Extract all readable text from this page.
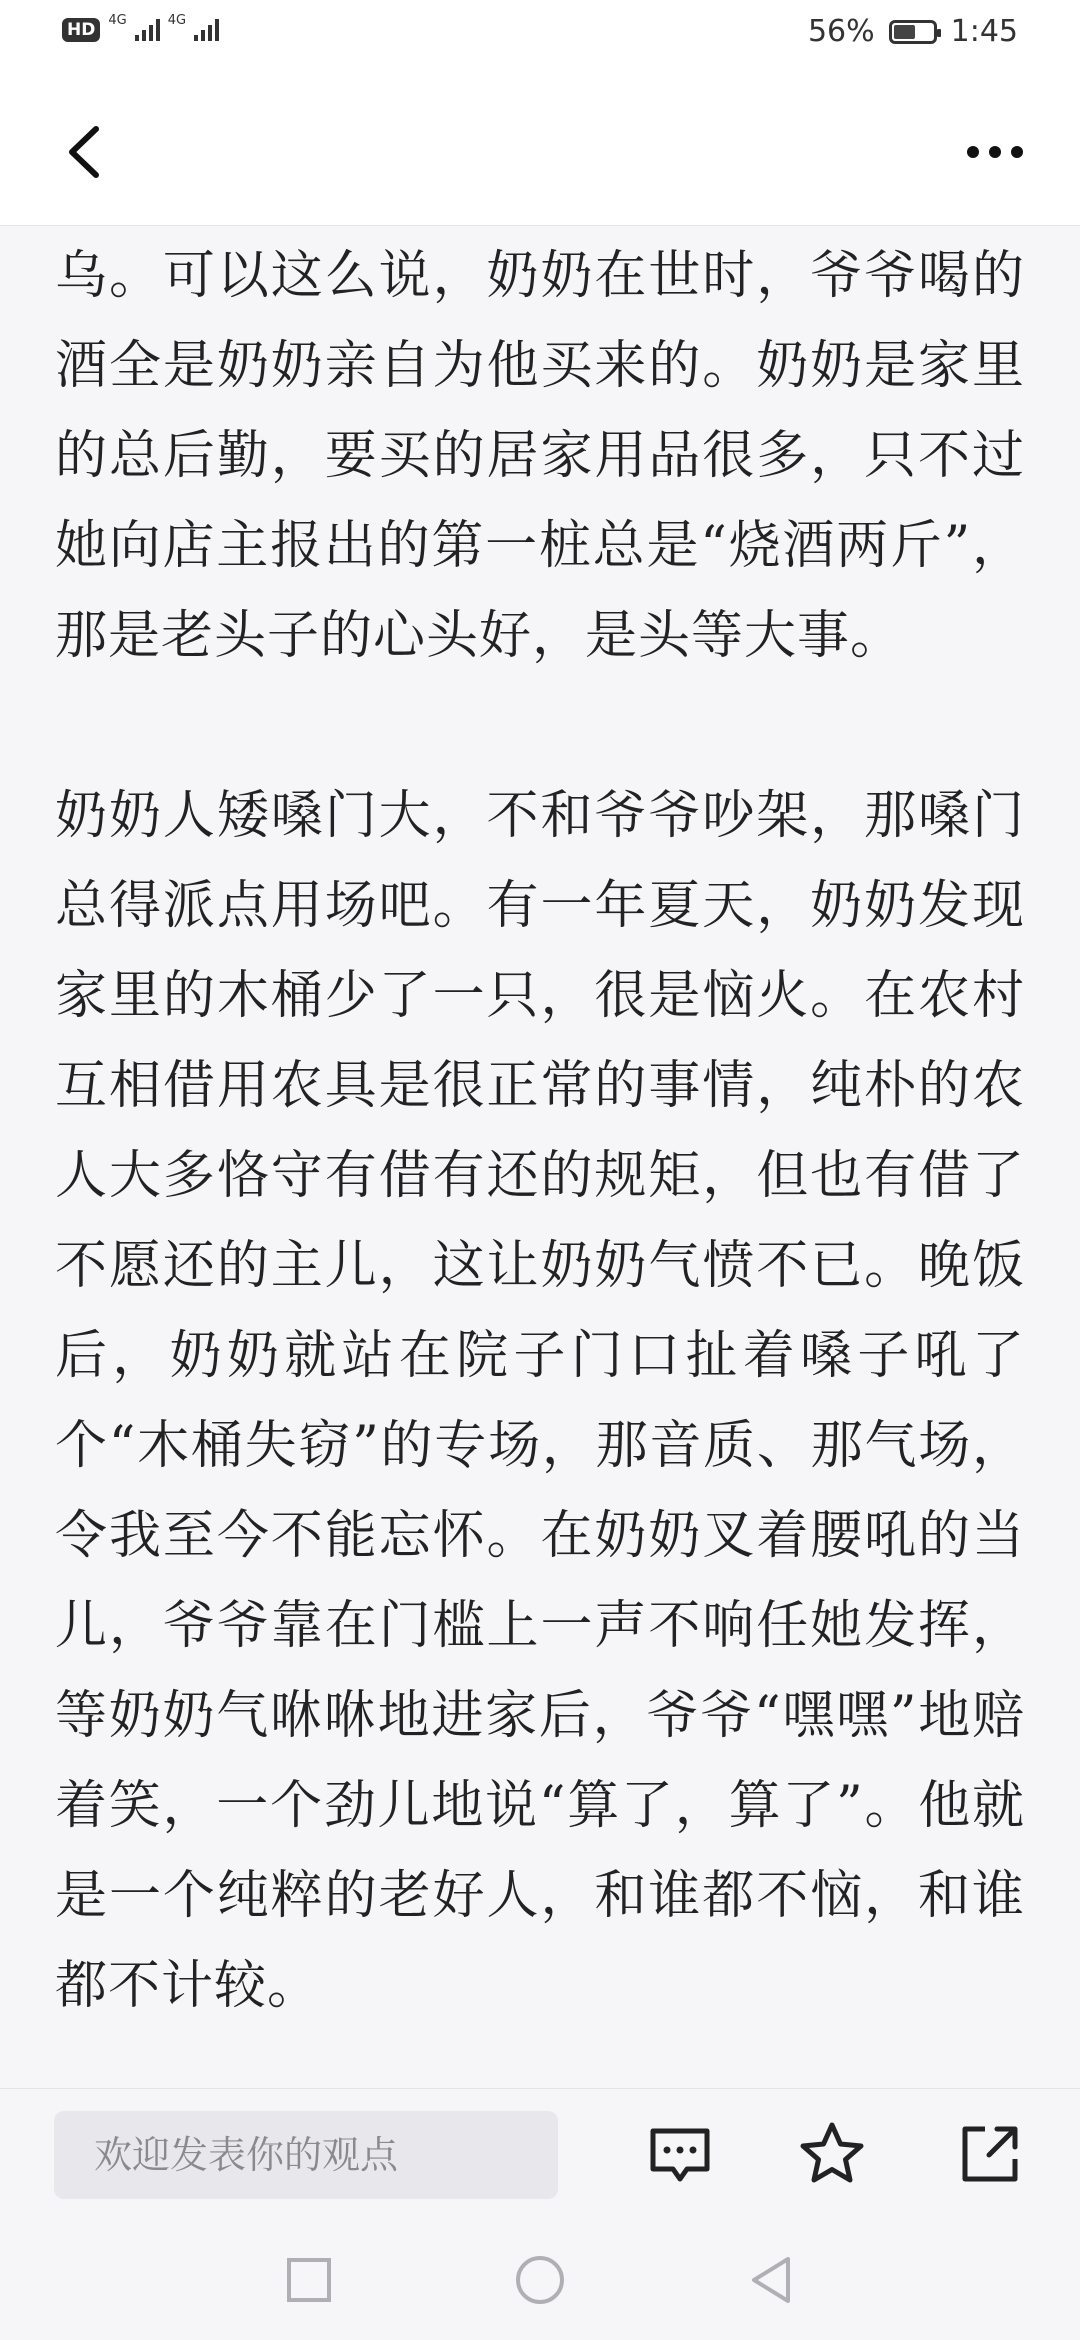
HD	4G	4G	56%	1:45

乌。可以这么说，奶奶在世时，爷爷喝的酒全是奶奶亲自为他买来的。奶奶是家里的总后勤，要买的居家用品很多，只不过她向店主报出的第一桩总是“烧酒两斤”，那是老头子的心头好，是头等大事。

奶奶人矮嗓门大，不和爷爷吵架，那嗓门总得派点用场吧。有一年夏天，奶奶发现家里的木桶少了一只，很是恼火。在农村互相借用农具是很正常的事情，纯朴的农人大多恪守有借有还的规矩，但也有借了不愿还的主儿，这让奶奶气愤不已。晚饭后，奶奶就站在院子门口扯着嗓子吼了个“木桶失窃”的专场，那音质、那气场，令我至今不能忘怀。在奶奶叉着腰吼的当儿，爷爷靠在门槛上一声不响任她发挥，等奶奶气咻咻地进家后，爷爷“嘿嘿”地赔着笑，一个劲儿地说“算了，算了”。他就是一个纯粹的老好人，和谁都不恼，和谁都不计较。

欢迎发表你的观点
